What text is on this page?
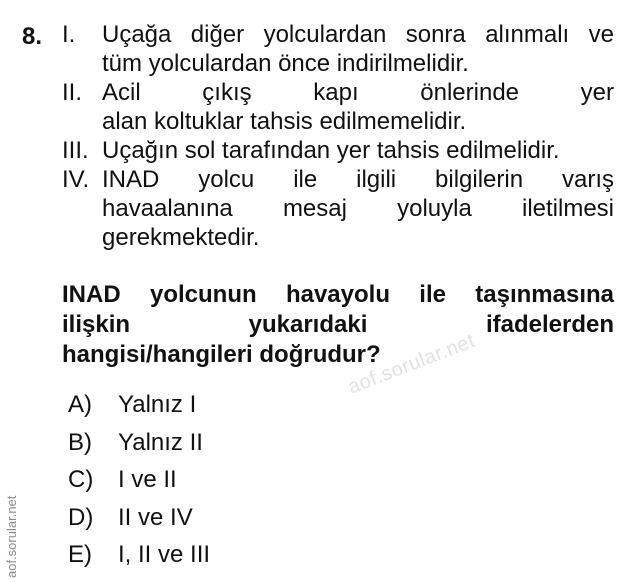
8. I. Uçağa diğer yolculardan sonra alınmalı ve
tüm yolculardan önce indirilmelidir.
II. Acil çıkış kapı önlerinde yer
alan koltuklar tahsis edilmemelidir.
III. Uçağın sol tarafından yer tahsis edilmelidir.
IV. INAD yolcu ile ilgili bilgilerin varış
havaalanına mesaj yoluyla iletilmesi
gerekmektedir.
INAD yolcunun havayolu ile taşınmasına
ilişkin yukarıdaki ifadelerden
hangisi/hangileri doğrudur?
A)	Yalnız I
B)	Yalnız II
C)	I ve II
D)	II ve IV
E)	I, II ve III
aof.sorular.net
aof.sorular.net
